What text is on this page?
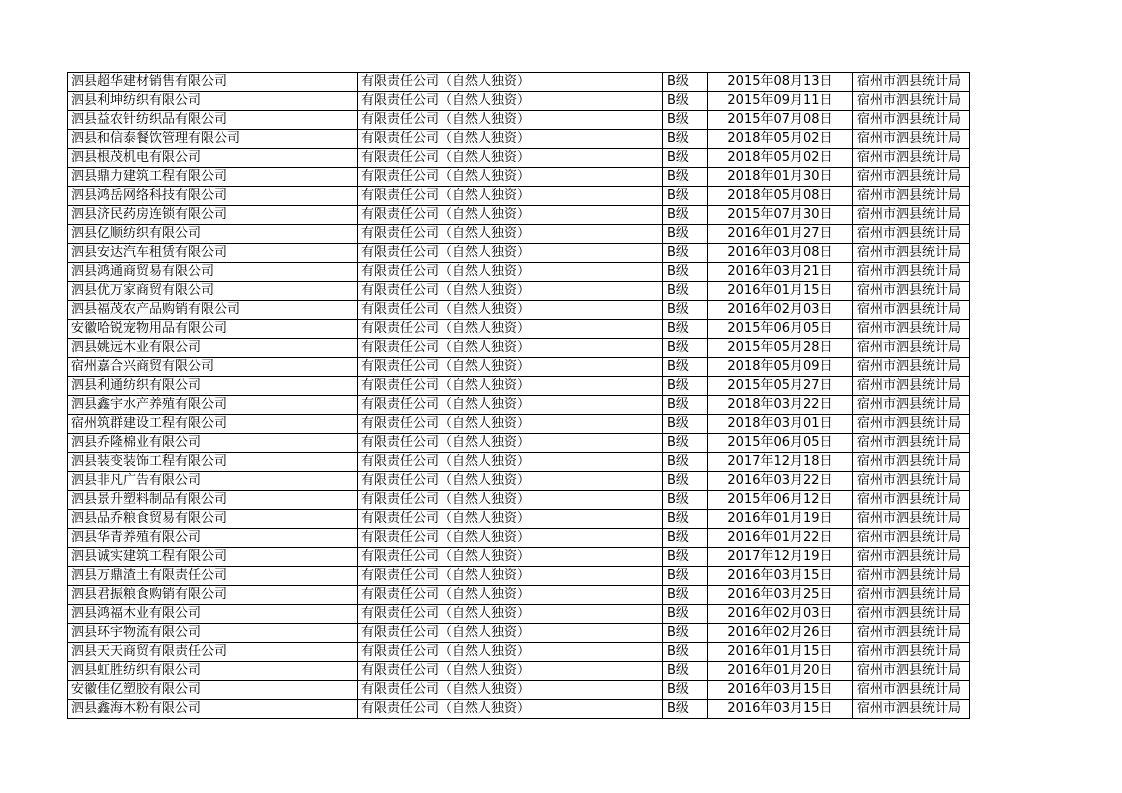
泗县超华建材销售有限公司	有限责任公司（自然人独资）	B级	2015年08月13日	宿州市泗县统计局
泗县利坤纺织有限公司	有限责任公司（自然人独资）	B级	2015年09月11日	宿州市泗县统计局
泗县益农针纺织品有限公司	有限责任公司（自然人独资）	B级	2015年07月08日	宿州市泗县统计局
泗县和信泰餐饮管理有限公司	有限责任公司（自然人独资）	B级	2018年05月02日	宿州市泗县统计局
泗县根茂机电有限公司	有限责任公司（自然人独资）	B级	2018年05月02日	宿州市泗县统计局
泗县鼎力建筑工程有限公司	有限责任公司（自然人独资）	B级	2018年01月30日	宿州市泗县统计局
泗县鸿岳网络科技有限公司	有限责任公司（自然人独资）	B级	2018年05月08日	宿州市泗县统计局
泗县济民药房连锁有限公司	有限责任公司（自然人独资）	B级	2015年07月30日	宿州市泗县统计局
泗县亿顺纺织有限公司	有限责任公司（自然人独资）	B级	2016年01月27日	宿州市泗县统计局
泗县安达汽车租赁有限公司	有限责任公司（自然人独资）	B级	2016年03月08日	宿州市泗县统计局
泗县鸿通商贸易有限公司	有限责任公司（自然人独资）	B级	2016年03月21日	宿州市泗县统计局
泗县优万家商贸有限公司	有限责任公司（自然人独资）	B级	2016年01月15日	宿州市泗县统计局
泗县福茂农产品购销有限公司	有限责任公司（自然人独资）	B级	2016年02月03日	宿州市泗县统计局
安徽哈锐宠物用品有限公司	有限责任公司（自然人独资）	B级	2015年06月05日	宿州市泗县统计局
泗县姚远木业有限公司	有限责任公司（自然人独资）	B级	2015年05月28日	宿州市泗县统计局
宿州嘉合兴商贸有限公司	有限责任公司（自然人独资）	B级	2018年05月09日	宿州市泗县统计局
泗县利通纺织有限公司	有限责任公司（自然人独资）	B级	2015年05月27日	宿州市泗县统计局
泗县鑫宇水产养殖有限公司	有限责任公司（自然人独资）	B级	2018年03月22日	宿州市泗县统计局
宿州筑群建设工程有限公司	有限责任公司（自然人独资）	B级	2018年03月01日	宿州市泗县统计局
泗县乔隆棉业有限公司	有限责任公司（自然人独资）	B级	2015年06月05日	宿州市泗县统计局
泗县装变装饰工程有限公司	有限责任公司（自然人独资）	B级	2017年12月18日	宿州市泗县统计局
泗县非凡广告有限公司	有限责任公司（自然人独资）	B级	2016年03月22日	宿州市泗县统计局
泗县景升塑料制品有限公司	有限责任公司（自然人独资）	B级	2015年06月12日	宿州市泗县统计局
泗县品乔粮食贸易有限公司	有限责任公司（自然人独资）	B级	2016年01月19日	宿州市泗县统计局
泗县华青养殖有限公司	有限责任公司（自然人独资）	B级	2016年01月22日	宿州市泗县统计局
泗县诚实建筑工程有限公司	有限责任公司（自然人独资）	B级	2017年12月19日	宿州市泗县统计局
泗县万鼎渣土有限责任公司	有限责任公司（自然人独资）	B级	2016年03月15日	宿州市泗县统计局
泗县君振粮食购销有限公司	有限责任公司（自然人独资）	B级	2016年03月25日	宿州市泗县统计局
泗县鸿福木业有限公司	有限责任公司（自然人独资）	B级	2016年02月03日	宿州市泗县统计局
泗县环宇物流有限公司	有限责任公司（自然人独资）	B级	2016年02月26日	宿州市泗县统计局
泗县天天商贸有限责任公司	有限责任公司（自然人独资）	B级	2016年01月15日	宿州市泗县统计局
泗县虹胜纺织有限公司	有限责任公司（自然人独资）	B级	2016年01月20日	宿州市泗县统计局
安徽佳亿塑胶有限公司	有限责任公司（自然人独资）	B级	2016年03月15日	宿州市泗县统计局
泗县鑫海木粉有限公司	有限责任公司（自然人独资）	B级	2016年03月15日	宿州市泗县统计局
